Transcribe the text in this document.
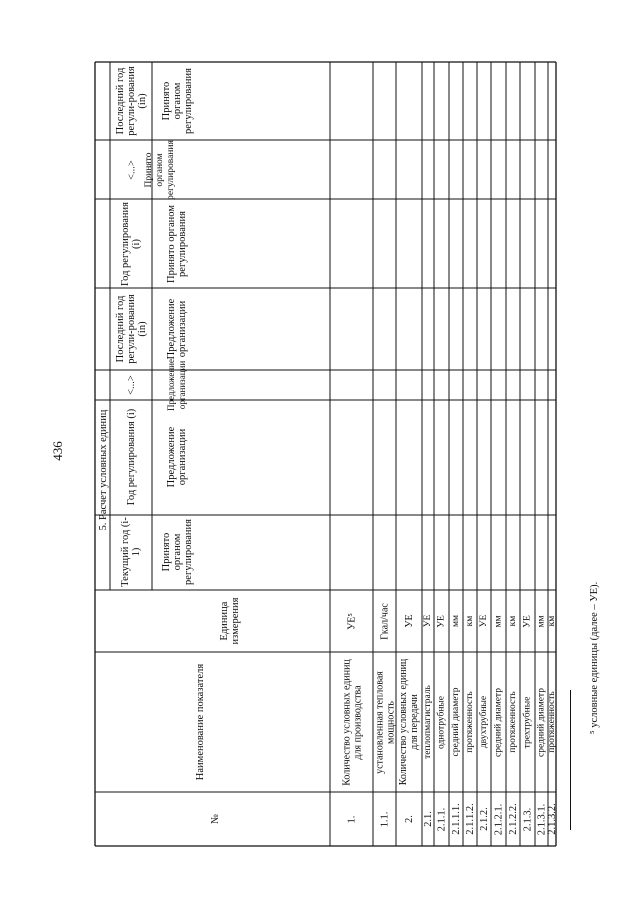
436	5. Расчет условных единиц
Последний год регули-рования (in)
<...>
Год регулирования (i)
Последний год регули-рования (in)
<...>
Год регулирования (i)
Текущий год (i-1)
Единица измерения
Наименование показателя
№
Принято органом регулирования
Принято органом регулирования
Принято органом регулирования
Предложение организации
Предложение организации
Предложение организации
Принято органом регулирования
1.
Количество условных единиц для производства
УЕ⁵
1.1.
установленная тепловая мощность
Гкал/час
2.
Количество условных единиц для передачи
УЕ
2.1.
теплопмагистраль
УЕ
2.1.1.
однотрубные
УЕ
2.1.1.1.
средний диаметр
мм
2.1.1.2.
протяженность
км
2.1.2.
двухтрубные
УЕ
2.1.2.1.
средний диаметр
мм
2.1.2.2.
протяженность
км
2.1.3.
трехтрубные
УЕ
2.1.3.1.
средний диаметр
мм
2.1.3.2.
протяженность
км	⁵ условные единицы (далее – УЕ).
